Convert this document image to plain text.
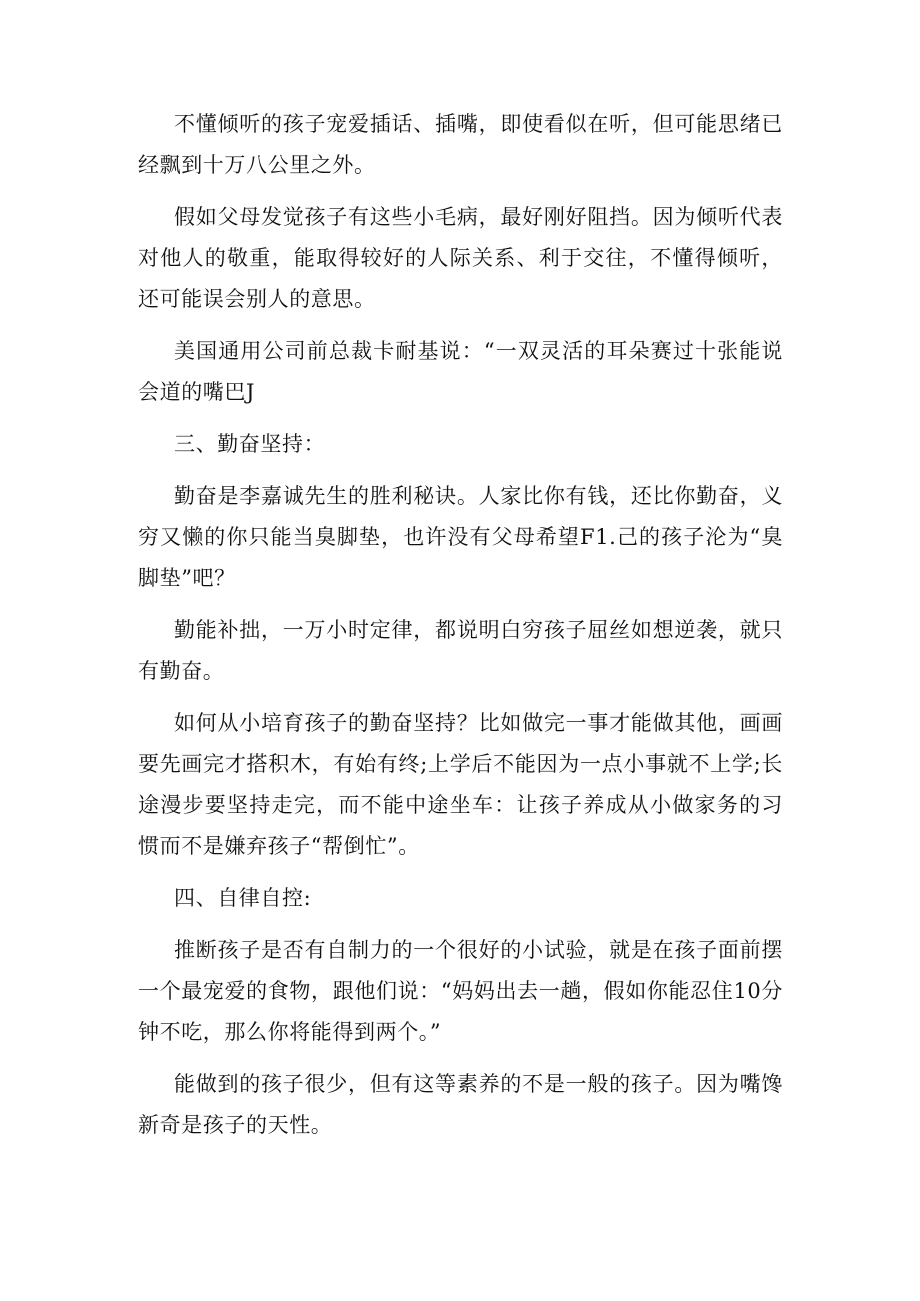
不懂倾听的孩子宠爱插话、插嘴，即使看似在听，但可能思绪已经飘到十万八公里之外。

假如父母发觉孩子有这些小毛病，最好刚好阻挡。因为倾听代表对他人的敬重，能取得较好的人际关系、利于交往，不懂得倾听，还可能误会别人的意思。

美国通用公司前总裁卡耐基说：“一双灵活的耳朵赛过十张能说会道的嘴巴J

三、勤奋坚持：

勤奋是李嘉诚先生的胜利秘诀。人家比你有钱，还比你勤奋，义穷又懒的你只能当臭脚垫，也许没有父母希望F1.己的孩子沦为“臭脚垫”吧？

勤能补拙，一万小时定律，都说明白穷孩子屈丝如想逆袭，就只有勤奋。

如何从小培育孩子的勤奋坚持？比如做完一事才能做其他，画画要先画完才搭积木，有始有终;上学后不能因为一点小事就不上学;长途漫步要坚持走完，而不能中途坐车：让孩子养成从小做家务的习惯而不是嫌弃孩子“帮倒忙”。

四、自律自控:

推断孩子是否有自制力的一个很好的小试验，就是在孩子面前摆一个最宠爱的食物，跟他们说：“妈妈出去一趟，假如你能忍住10分钟不吃，那么你将能得到两个。”

能做到的孩子很少，但有这等素养的不是一般的孩子。因为嘴馋新奇是孩子的天性。
